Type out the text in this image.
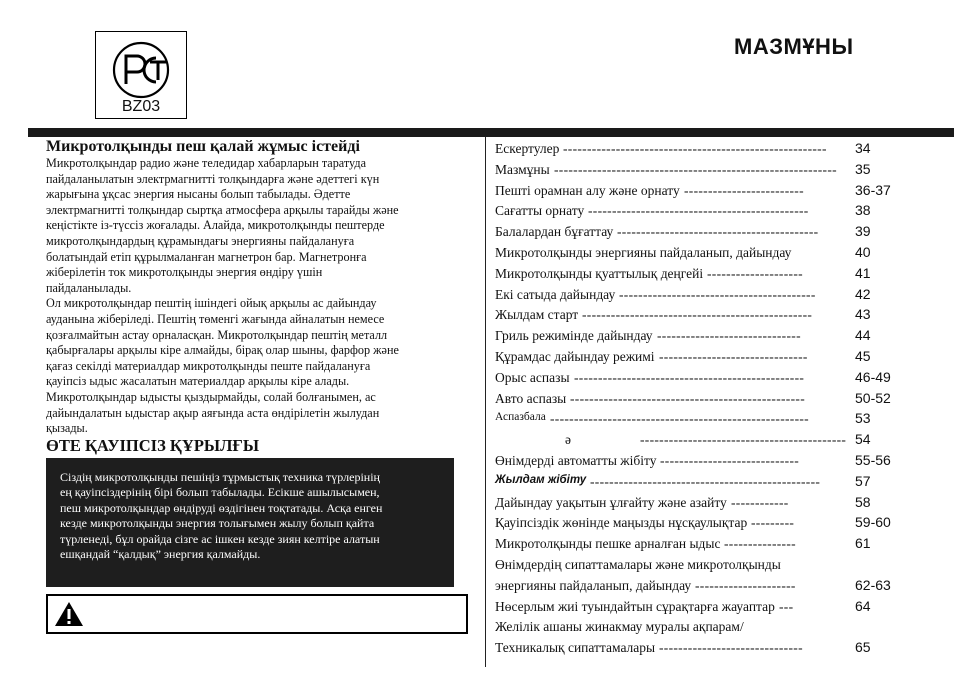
BZ03
МАЗМҰНЫ
Микротолқынды пеш қалай жұмыс істейді

Микротолқындар радио және теледидар хабарларын таратуда

пайдаланылатын электрмагнитті толқындарға және әдеттегі күн

жарығына ұқсас энергия нысаны болып табылады. Әдетте

электрмагнитті толқындар сыртқа атмосфера арқылы тарайды және

кеңістікте із-түссіз жоғалады. Алайда, микротолқынды пештерде

микротолқындардың құрамындағы энергияны пайдалануға

болатындай етіп құрылмаланған магнетрон бар. Магнетронға

жіберілетін ток микротолқынды энергия өндіру үшін

пайдаланылады.

Ол микротолқындар пештің ішіндегі ойық арқылы ас дайындау

ауданына жіберіледі. Пештің төменгі жағында айналатын немесе

қозғалмайтын астау орналасқан. Микротолқындар пештің металл

қабырғалары арқылы кіре алмайды, бірақ олар шыны, фарфор және

қағаз секілді материалдар микротолқынды пеште пайдалануға

қауіпсіз ыдыс жасалатын материалдар арқылы кіре алады.

Микротолқындар ыдысты қыздырмайды, солай болғанымен, ас

дайындалатын ыдыстар ақыр аяғында аста өндірілетін жылудан

қызады.

ӨТЕ ҚАУІПСІЗ ҚҰРЫЛҒЫ
Сіздің микротолқынды пешіңіз тұрмыстық техника түрлерінің
ең қауіпсіздерінің бірі болып табылады. Есікше ашылысымен,
пеш микротолқындар өндіруді өздігінен тоқтатады. Асқа енген
кезде микротолқынды энергия толығымен жылу болып қайта
түрленеді, бұл орайда сізге ас ішкен кезде зиян келтіре алатын
ешқандай “қалдық” энергия қалмайды.
Ескертулер -------------------------------------------------------	34
Мазмұны -----------------------------------------------------------	35
Пешті орамнан алу және орнату -------------------------	36-37
Сағатты орнату ----------------------------------------------	38
Балалардан бұғаттау ------------------------------------------	39
Микротолқынды энергияны пайдаланып, дайындау	40
Микротолқынды қуаттылық деңгейі --------------------	41
Екі сатыда дайындау -----------------------------------------	42
Жылдам старт ------------------------------------------------	43
Гриль режимінде дайындау ------------------------------	44
Құрамдас дайындау режимі -------------------------------	45
Орыс аспазы ------------------------------------------------	46-49
Авто аспазы -------------------------------------------------	50-52
Аспазбала ------------------------------------------------------	53
ә	------------------------------------------- 54
Өнімдерді автоматты жібіту -----------------------------	55-56
Жылдам жібіту ------------------------------------------------	57
Дайындау уақытын ұлғайту және азайту ------------	58
Қауіпсіздік жөнінде маңызды нұсқаулықтар ---------	59-60
Микротолқынды пешке арналған ыдыс ---------------	61
Өнімдердің сипаттамалары және микротолқынды
энергияны пайдаланып, дайындау ---------------------	62-63
Нөсерлым жиі туындайтын сұрақтарға жауаптар ---	64
Желілік ашаны жинакмау муралы ақпарам/
Техникалық сипаттамалары ------------------------------	65
